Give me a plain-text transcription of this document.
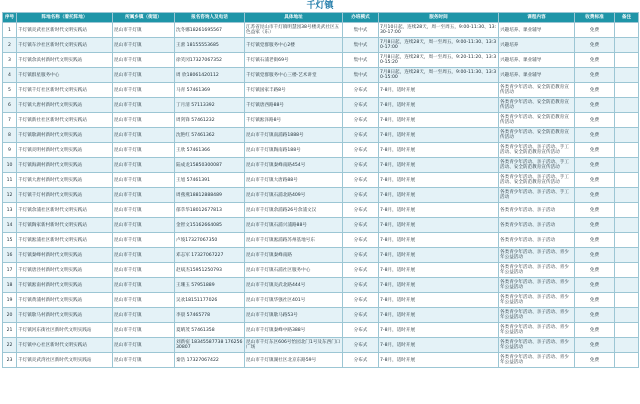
千灯镇
序号	阵地名称（着托阵地）	所属乡镇（街道）	报名咨询人及电话	具体地址	办班模式	服务时间	课程内容	收费标准	备注
1	千灯镇炎武社区新时代文明实践站	昆山市千灯镇	沈冬娜18261695567	江苏省昆山市千灯镇明慧园38号楼炎武社区五色益家（东）	集中式	7月10日起，连续28天，周一至周五，9:00-11:30、13:30-17:00	兴趣培养、课业辅导	免费	
2	千灯镇车沙社区新时代文明实践站	昆山市千灯镇	王蕾 18155553685	千灯镇党群服务中心2楼	集中式	7月8日起，连续28天，周一至周五，9:00-11:30、13:30-17:00	兴趣培养	免费	
3	千灯镇余浜村新时代文明实践站	昆山市千灯镇	徐笑冈17327067352	千灯镇石浦老街69号	集中式	7月8日起，连续28天，周一至周五，9:20-11:20、13:30-15:20	兴趣培养、课业辅导	免费	
4	千灯镇群星服务中心	昆山市千灯镇	周 欣18061420112	千灯镇党群服务中心三楼-艺术讲堂	集中式	7月8日起，连续28天，周一至周五，9:00-11:30、13:30-15:00	兴趣培养、课业辅导	免费	
5	千灯镇千灯社区新时代文明实践站	昆山市千灯镇	马青 57461369	千灯镇国家丰路8号	分布式	7-8月，适时开展	各类青少年活动、安全防范教育宣传活动	免费	
6	千灯镇大唐村新时代文明实践站	昆山市千灯镇	丁月清 57113392	千灯镇唐西路88号	分布式	7-8月，适时开展	各类青少年活动、安全防范教育宣传活动	免费	
7	千灯镇新社社区新时代文明实践站	昆山市千灯镇	周剑锋 57461232	千灯镇淞泽路8号	分布式	7-8月，适时开展	各类青少年活动、安全防范教育宣传活动	免费	
8	千灯镇歇湖村新时代文明实践站	昆山市千灯镇	沈艳红 57461362	昆山市千灯镇南浦路1888号	分布式	7-8月，适时开展	各类青少年活动、安全防范教育宣传活动	免费	
9	千灯镇炎明村新时代文明实践站	昆山市千灯镇	王欣 57461366	昆山市千灯镇陶南路188号	分布式	7-8月，适时开展	各类青少年活动、亲子活动、手工活动、安全防范教育宣传活动	免费	
10	千灯镇海湖村新时代文明实践站	昆山市千灯镇	陆成龙15850300087	昆山市千灯镇秦峰南路454号	分布式	7-8月，适时开展	各类青少年活动、亲子活动、手工活动、安全防范教育宣传活动	免费	
11	千灯镇大唐村新时代文明实践站	昆山市千灯镇	王旭 57461391	昆山市千灯镇大唐路88号	分布式	7-8月，适时开展	各类青少年活动、亲子活动、手工活动、安全防范教育宣传活动	免费	
12	千灯镇千灯村新时代文明实践站	昆山市千灯镇	周燕燕18812888489	昆山市千灯镇石浦北路409号	分布式	7-8月，适时开展	各类青少年活动、亲子活动、手工活动	免费	
13	千灯镇余浦社区新时代文明实践站	昆山市千灯镇	郁萃华18012677813	昆山市千灯镇余浦路26号余浦文汉	分布式	7-8月，适时开展	各类青少年活动、亲子活动	免费	
14	千灯镇陶家新村新时代文明实践站	昆山市千灯镇	金智文15162664085	昆山市千灯镇石浦兴浦路88号	分布式	7-8月，适时开展	各类青少年活动、亲子活动	免费	
15	千灯镇淞浦社区新时代文明实践站	昆山市千灯镇	卢坡17327067350	昆山市千灯镇淞浦路苏州基地号东	分布式	7-8月，适时开展	各类青少年活动、亲子活动	免费	
16	千灯镇秦峰村新时代文明实践站	昆山市千灯镇	邓志军 17327067227	昆山市千灯镇秦峰南路	分布式	7-8月，适时开展	各类青少年活动、亲子活动、青少年公益活动	免费	
17	千灯镇唐泾村新时代文明实践站	昆山市千灯镇	赵斌杰15951250793	昆山市千灯镇石浦社区服务中心	分布式	7-8月，适时开展	各类青少年活动、亲子活动、青少年公益活动	免费	
18	千灯镇淞南村新时代文明实践站	昆山市千灯镇	王珊玉 57951889	昆山市千灯镇炎武北路444号	分布式	7-8月，适时开展	各类青少年活动、亲子活动、青少年公益活动	免费	
19	千灯镇黄浦村新时代文明实践站	昆山市千灯镇	吴欢18151177026	昆山市千灯镇华强社区401号	分布式	7-8月，适时开展	各类青少年活动、亲子活动、青少年公益活动	免费	
20	千灯镇歇马村新时代文明实践站	昆山市千灯镇	李晨 57465778	昆山市千灯镇歇马路53号	分布式	7-8月，适时开展	各类青少年活动、亲子活动、青少年公益活动	免费	
21	千灯镇河东街社区新时代文明实践站	昆山市千灯镇	夏晴茂 57461358	昆山市千灯镇秦峰中路388号	分布式	7-8月，适时开展	各类青少年活动、亲子活动、青少年公益活动	免费	
22	千灯镇中心社区新时代文明实践站	昆山市千灯镇	刘新宿 18345587738 17625630807	昆山市千灯东区606号怡园北门1号及东西门口广场	分布式	7-8月，适时开展	各类青少年活动、亲子活动、青少年公益活动	免费	
23	千灯镇炎武湾社区新时代文明实践站	昆山市千灯镇	秦浩 17327067422	昆山市千灯镇湖社区北京东路59号	分布式	7-8月，适时开展	各类青少年活动、亲子活动、青少年公益活动	免费	
